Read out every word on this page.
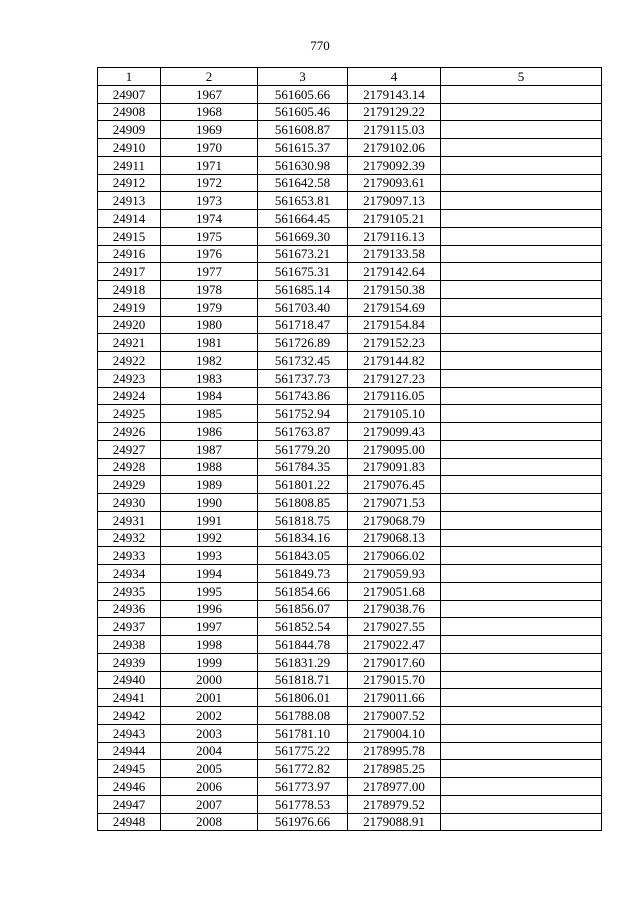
770
1	2	3	4	5
24907	1967	561605.66	2179143.14	
24908	1968	561605.46	2179129.22	
24909	1969	561608.87	2179115.03	
24910	1970	561615.37	2179102.06	
24911	1971	561630.98	2179092.39	
24912	1972	561642.58	2179093.61	
24913	1973	561653.81	2179097.13	
24914	1974	561664.45	2179105.21	
24915	1975	561669.30	2179116.13	
24916	1976	561673.21	2179133.58	
24917	1977	561675.31	2179142.64	
24918	1978	561685.14	2179150.38	
24919	1979	561703.40	2179154.69	
24920	1980	561718.47	2179154.84	
24921	1981	561726.89	2179152.23	
24922	1982	561732.45	2179144.82	
24923	1983	561737.73	2179127.23	
24924	1984	561743.86	2179116.05	
24925	1985	561752.94	2179105.10	
24926	1986	561763.87	2179099.43	
24927	1987	561779.20	2179095.00	
24928	1988	561784.35	2179091.83	
24929	1989	561801.22	2179076.45	
24930	1990	561808.85	2179071.53	
24931	1991	561818.75	2179068.79	
24932	1992	561834.16	2179068.13	
24933	1993	561843.05	2179066.02	
24934	1994	561849.73	2179059.93	
24935	1995	561854.66	2179051.68	
24936	1996	561856.07	2179038.76	
24937	1997	561852.54	2179027.55	
24938	1998	561844.78	2179022.47	
24939	1999	561831.29	2179017.60	
24940	2000	561818.71	2179015.70	
24941	2001	561806.01	2179011.66	
24942	2002	561788.08	2179007.52	
24943	2003	561781.10	2179004.10	
24944	2004	561775.22	2178995.78	
24945	2005	561772.82	2178985.25	
24946	2006	561773.97	2178977.00	
24947	2007	561778.53	2178979.52	
24948	2008	561976.66	2179088.91	
